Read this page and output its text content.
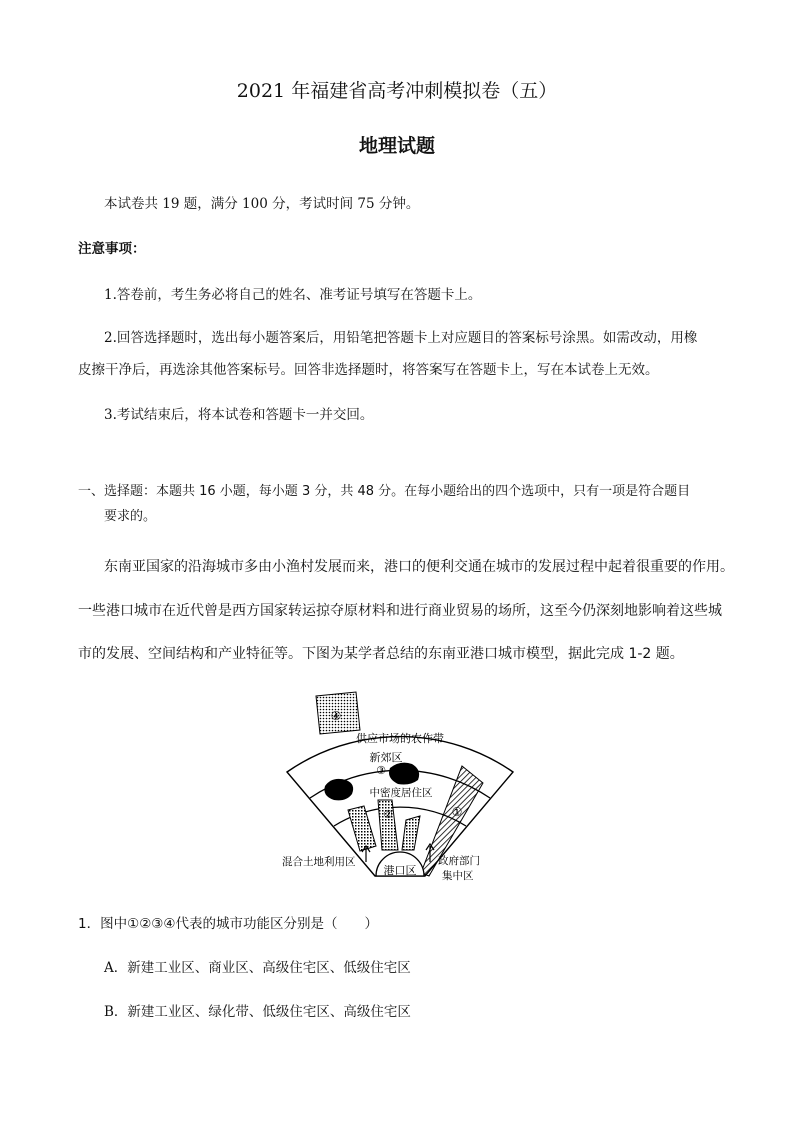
2021 年福建省高考冲刺模拟卷（五）
地理试题
本试卷共 19 题，满分 100 分，考试时间 75 分钟。
注意事项：
1.答卷前，考生务必将自己的姓名、准考证号填写在答题卡上。
2.回答选择题时，选出每小题答案后，用铅笔把答题卡上对应题目的答案标号涂黑。如需改动，用橡
皮擦干净后，再选涂其他答案标号。回答非选择题时，将答案写在答题卡上，写在本试卷上无效。
3.考试结束后，将本试卷和答题卡一并交回。
一、选择题：本题共 16 小题，每小题 3 分，共 48 分。在每小题给出的四个选项中，只有一项是符合题目
要求的。
东南亚国家的沿海城市多由小渔村发展而来，港口的便利交通在城市的发展过程中起着很重要的作用。
一些港口城市在近代曾是西方国家转运掠夺原材料和进行商业贸易的场所，这至今仍深刻地影响着这些城
市的发展、空间结构和产业特征等。下图为某学者总结的东南亚港口城市模型，据此完成 1-2 题。
④
①
③
③
②
港口区
供应市场的农作带
新郊区
中密度居住区
混合土地利用区	政府部门
集中区
1．图中①②③④代表的城市功能区分别是（　　）
A．新建工业区、商业区、高级住宅区、低级住宅区
B．新建工业区、绿化带、低级住宅区、高级住宅区
